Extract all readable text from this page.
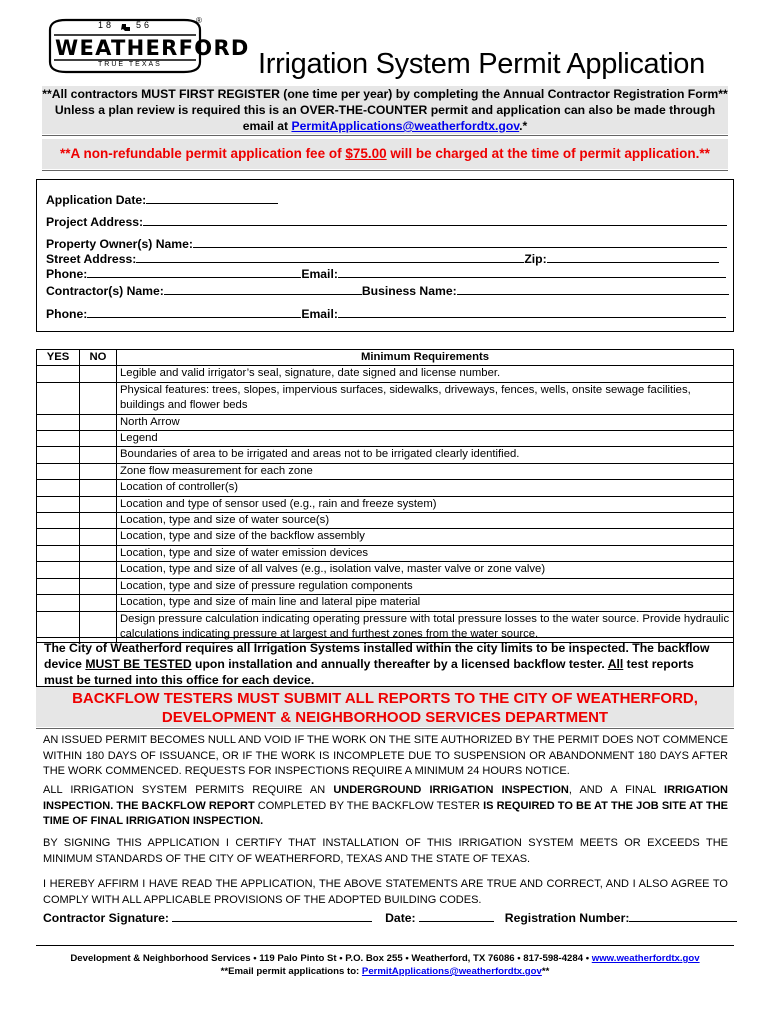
18 56
WEATHERFORD
TRUE TEXAS
®
Irrigation System Permit Application
**All contractors MUST FIRST REGISTER (one time per year) by completing the Annual Contractor Registration Form**
Unless a plan review is required this is an OVER-THE-COUNTER permit and application can also be made through
email at PermitApplications@weatherfordtx.gov.*
**A non-refundable permit application fee of $75.00 will be charged at the time of permit application.**
Application Date:
Project Address:
Property Owner(s) Name:
Street Address:	Zip:
Phone:	Email:
Contractor(s) Name:	Business Name:
Phone:	Email:
YES	NO	Minimum Requirements
		Legible and valid irrigator’s seal, signature, date signed and license number.
		Physical features: trees, slopes, impervious surfaces, sidewalks, driveways, fences, wells, onsite sewage facilities, buildings and flower beds
		North Arrow
		Legend
		Boundaries of area to be irrigated and areas not to be irrigated clearly identified.
		Zone flow measurement for each zone
		Location of controller(s)
		Location and type of sensor used (e.g., rain and freeze system)
		Location, type and size of water source(s)
		Location, type and size of the backflow assembly
		Location, type and size of water emission devices
		Location, type and size of all valves (e.g., isolation valve, master valve or zone valve)
		Location, type and size of pressure regulation components
		Location, type and size of main line and lateral pipe material
		Design pressure calculation indicating operating pressure with total pressure losses to the water source. Provide hydraulic calculations indicating pressure at largest and furthest zones from the water source.
The City of Weatherford requires all Irrigation Systems installed within the city limits to be inspected. The backflow device MUST BE TESTED upon installation and annually thereafter by a licensed backflow tester. All test reports must be turned into this office for each device.
BACKFLOW TESTERS MUST SUBMIT ALL REPORTS TO THE CITY OF WEATHERFORD,
DEVELOPMENT & NEIGHBORHOOD SERVICES DEPARTMENT
AN ISSUED PERMIT BECOMES NULL AND VOID IF THE WORK ON THE SITE AUTHORIZED BY THE PERMIT DOES NOT COMMENCE WITHIN 180 DAYS OF ISSUANCE, OR IF THE WORK IS INCOMPLETE DUE TO SUSPENSION OR ABANDONMENT 180 DAYS AFTER THE WORK COMMENCED. REQUESTS FOR INSPECTIONS REQUIRE A MINIMUM 24 HOURS NOTICE.
ALL IRRIGATION SYSTEM PERMITS REQUIRE AN UNDERGROUND IRRIGATION INSPECTION, AND A FINAL IRRIGATION INSPECTION. THE BACKFLOW REPORT COMPLETED BY THE BACKFLOW TESTER IS REQUIRED TO BE AT THE JOB SITE AT THE TIME OF FINAL IRRIGATION INSPECTION.
BY SIGNING THIS APPLICATION I CERTIFY THAT INSTALLATION OF THIS IRRIGATION SYSTEM MEETS OR EXCEEDS THE MINIMUM STANDARDS OF THE CITY OF WEATHERFORD, TEXAS AND THE STATE OF TEXAS.
I HEREBY AFFIRM I HAVE READ THE APPLICATION, THE ABOVE STATEMENTS ARE TRUE AND CORRECT, AND I ALSO AGREE TO COMPLY WITH ALL APPLICABLE PROVISIONS OF THE ADOPTED BUILDING CODES.
Contractor Signature:	Date:	Registration Number:
Development & Neighborhood Services • 119 Palo Pinto St • P.O. Box 255 • Weatherford, TX 76086 • 817-598-4284 • www.weatherfordtx.gov
**Email permit applications to: PermitApplications@weatherfordtx.gov**
